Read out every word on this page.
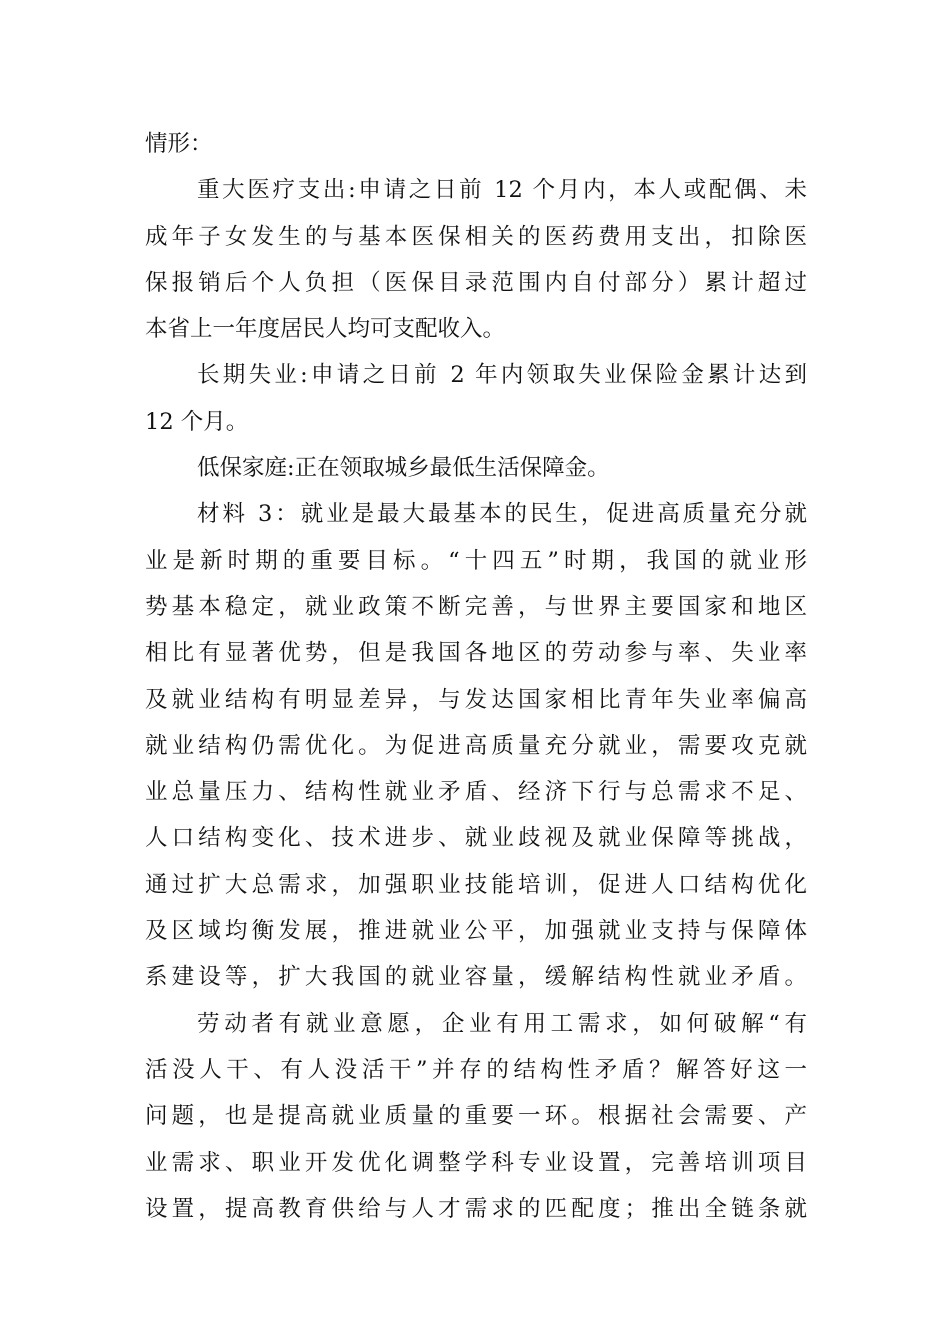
情形：
重大医疗支出:申请之日前 12 个月内，本人或配偶、未
成年子女发生的与基本医保相关的医药费用支出，扣除医
保报销后个人负担（医保目录范围内自付部分）累计超过
本省上一年度居民人均可支配收入。
长期失业:申请之日前 2 年内领取失业保险金累计达到
12 个月。
低保家庭:正在领取城乡最低生活保障金。
材料 3：就业是最大最基本的民生，促进高质量充分就
业是新时期的重要目标。“十四五”时期，我国的就业形
势基本稳定，就业政策不断完善，与世界主要国家和地区
相比有显著优势，但是我国各地区的劳动参与率、失业率
及就业结构有明显差异，与发达国家相比青年失业率偏高
就业结构仍需优化。为促进高质量充分就业，需要攻克就
业总量压力、结构性就业矛盾、经济下行与总需求不足、
人口结构变化、技术进步、就业歧视及就业保障等挑战，
通过扩大总需求，加强职业技能培训，促进人口结构优化
及区域均衡发展，推进就业公平，加强就业支持与保障体
系建设等，扩大我国的就业容量，缓解结构性就业矛盾。
劳动者有就业意愿，企业有用工需求，如何破解“有
活没人干、有人没活干”并存的结构性矛盾？解答好这一
问题，也是提高就业质量的重要一环。根据社会需要、产
业需求、职业开发优化调整学科专业设置，完善培训项目
设置，提高教育供给与人才需求的匹配度；推出全链条就
